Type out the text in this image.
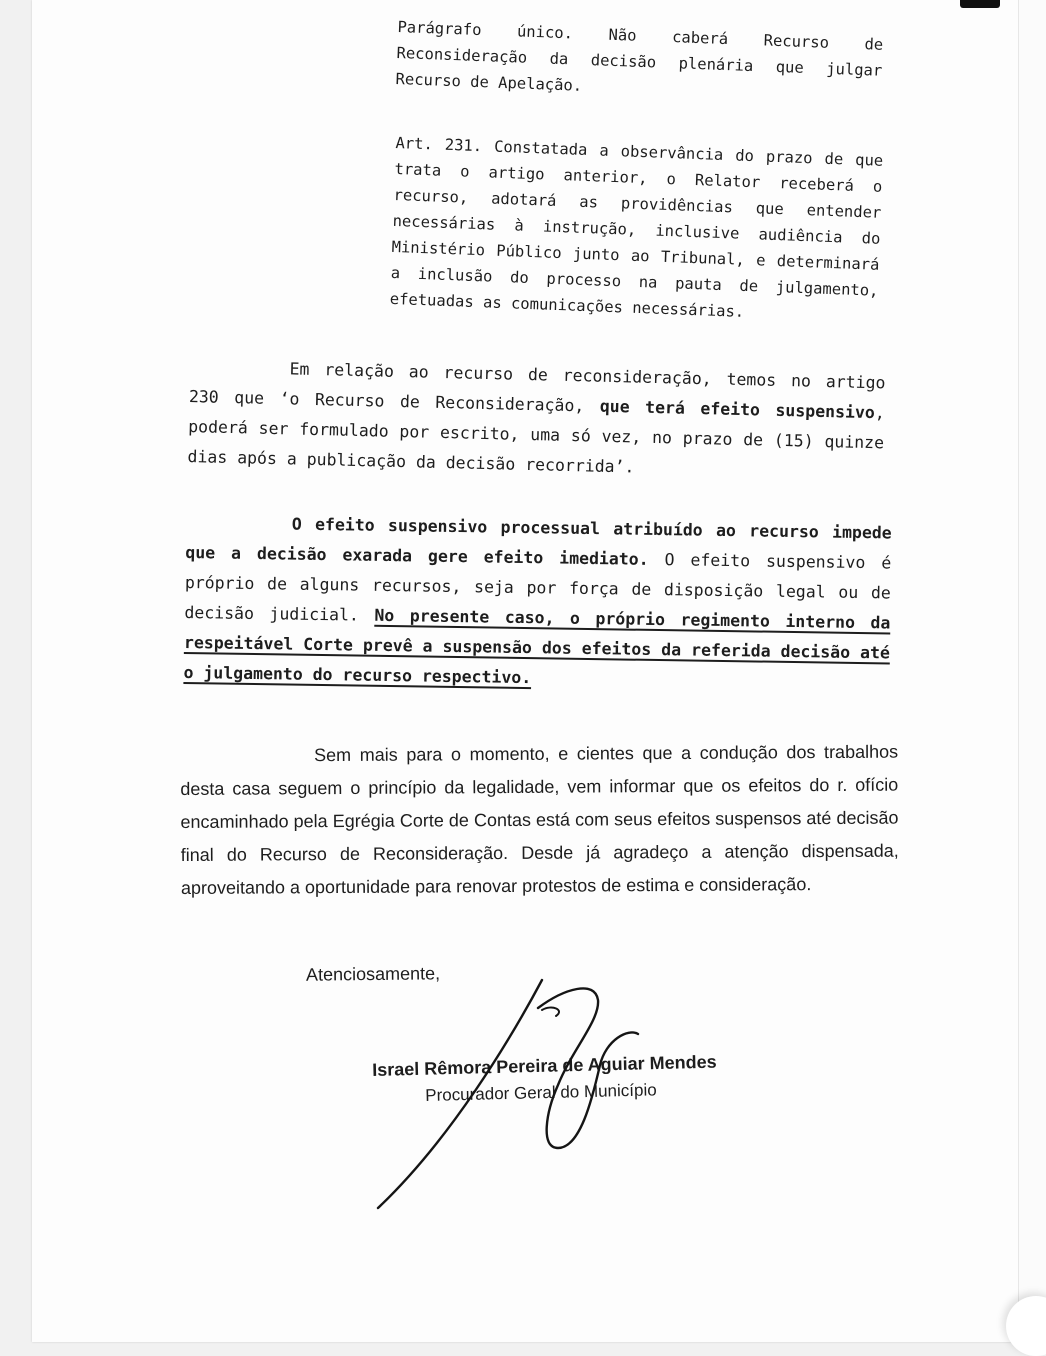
Parágrafo único. Não caberá Recurso de Reconsideração da decisão plenária que julgar Recurso de Apelação.

Art. 231. Constatada a observância do prazo de que trata o artigo anterior, o Relator receberá o recurso, adotará as providências que entender necessárias à instrução, inclusive audiência do Ministério Público junto ao Tribunal, e determinará a inclusão do processo na pauta de julgamento, efetuadas as comunicações necessárias.

Em relação ao recurso de reconsideração, temos no artigo 230 que ‘o Recurso de Reconsideração, que terá efeito suspensivo, poderá ser formulado por escrito, uma só vez, no prazo de (15) quinze dias após a publicação da decisão recorrida’.

O efeito suspensivo processual atribuído ao recurso impede que a decisão exarada gere efeito imediato. O efeito suspensivo é próprio de alguns recursos, seja por força de disposição legal ou de decisão judicial. No presente caso, o próprio regimento interno da respeitável Corte prevê a suspensão dos efeitos da referida decisão até o julgamento do recurso respectivo.

Sem mais para o momento, e cientes que a condução dos trabalhos desta casa seguem o princípio da legalidade, vem informar que os efeitos do r. ofício encaminhado pela Egrégia Corte de Contas está com seus efeitos suspensos até decisão final do Recurso de Reconsideração. Desde já agradeço a atenção dispensada, aproveitando a oportunidade para renovar protestos de estima e consideração.

Atenciosamente,
Israel Rêmora Pereira de Aguiar Mendes
Procurador Geral do Município
